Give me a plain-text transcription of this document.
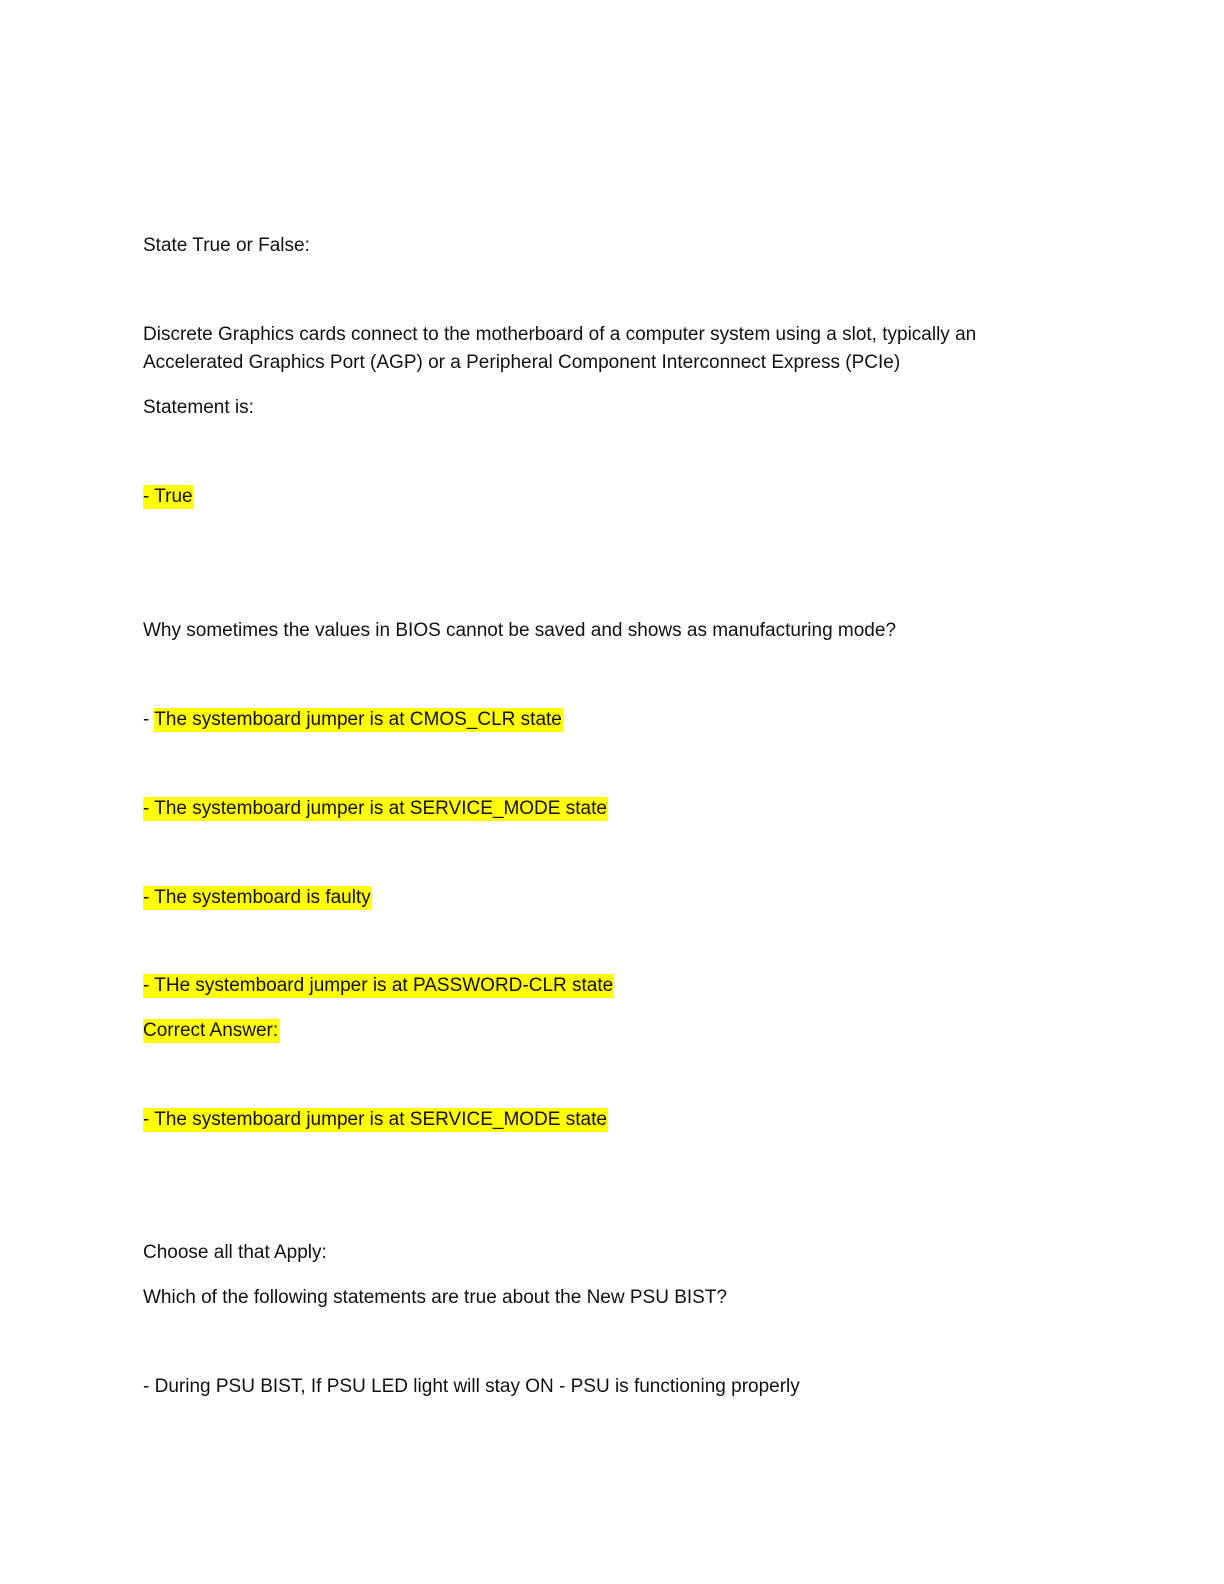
State True or False:
Discrete Graphics cards connect to the motherboard of a computer system using a slot, typically an
Accelerated Graphics Port (AGP) or a Peripheral Component Interconnect Express (PCIe)
Statement is:
- True
Why sometimes the values in BIOS cannot be saved and shows as manufacturing mode?
- The systemboard jumper is at CMOS_CLR state
- The systemboard jumper is at SERVICE_MODE state
- The systemboard is faulty
- THe systemboard jumper is at PASSWORD-CLR state
Correct Answer:
- The systemboard jumper is at SERVICE_MODE state
Choose all that Apply:
Which of the following statements are true about the New PSU BIST?
- During PSU BIST, If PSU LED light will stay ON - PSU is functioning properly
